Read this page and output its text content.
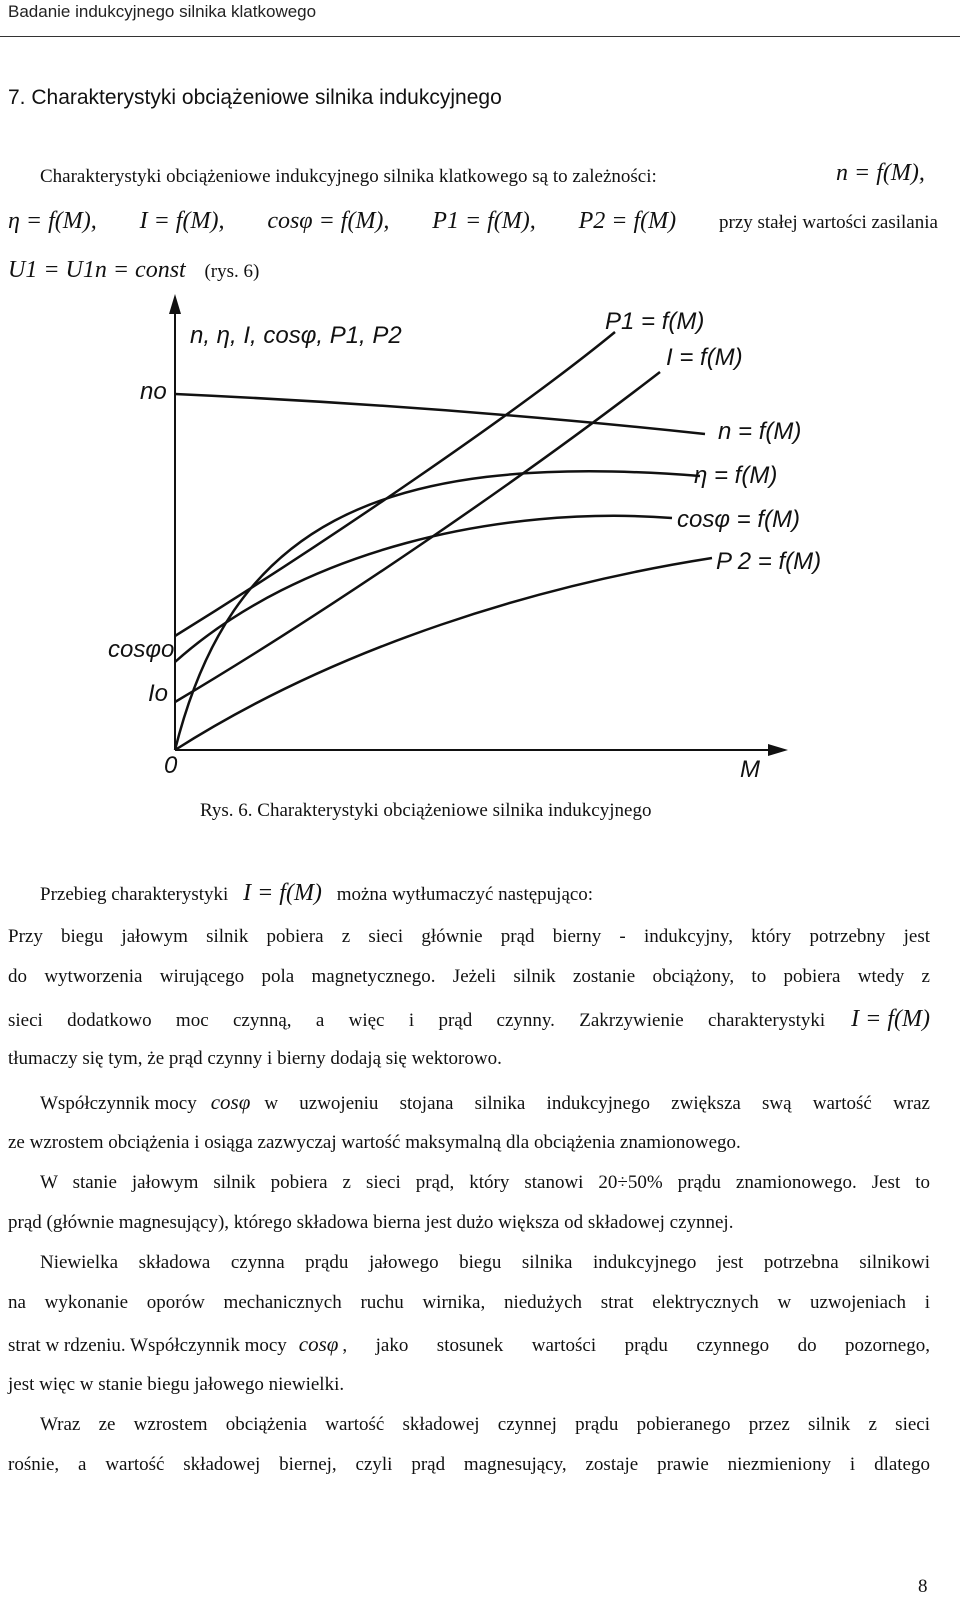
Badanie indukcyjnego silnika klatkowego
7. Charakterystyki obciążeniowe silnika indukcyjnego
Charakterystyki obciążeniowe indukcyjnego silnika klatkowego są to zależności:	n = f(M),
η = f(M), I = f(M), cosφ = f(M), P1 = f(M), P2 = f(M) przy stałej wartości zasilania
U1 = U1n = const (rys. 6)
n, η, I, cosφ, P1, P2
no
cosφo
Io
0	M
P1 = f(M)
I = f(M)
n = f(M)
η = f(M)
cosφ = f(M)
P 2 = f(M)
Rys. 6. Charakterystyki obciążeniowe silnika indukcyjnego
Przebieg charakterystyki I = f(M) można wytłumaczyć następująco:
Przy biegu jałowym silnik pobiera z sieci głównie prąd bierny - indukcyjny, który potrzebny jest
do wytworzenia wirującego pola magnetycznego. Jeżeli silnik zostanie obciążony, to pobiera wtedy z
sieci dodatkowo moc czynną, a więc i prąd czynny. Zakrzywienie charakterystyki I = f(M)
tłumaczy się tym, że prąd czynny i bierny dodają się wektorowo.
Współczynnik mocy cosφ w uzwojeniu stojana silnika indukcyjnego zwiększa swą wartość wraz
ze wzrostem obciążenia i osiąga zazwyczaj wartość maksymalną dla obciążenia znamionowego.
W stanie jałowym silnik pobiera z sieci prąd, który stanowi 20÷50% prądu znamionowego. Jest to
prąd (głównie magnesujący), którego składowa bierna jest dużo większa od składowej czynnej.
Niewielka składowa czynna prądu jałowego biegu silnika indukcyjnego jest potrzebna silnikowi
na wykonanie oporów mechanicznych ruchu wirnika, niedużych strat elektrycznych w uzwojeniach i
strat w rdzeniu. Współczynnik mocy cosφ , jako stosunek wartości prądu czynnego do pozornego,
jest więc w stanie biegu jałowego niewielki.
Wraz ze wzrostem obciążenia wartość składowej czynnej prądu pobieranego przez silnik z sieci
rośnie, a wartość składowej biernej, czyli prąd magnesujący, zostaje prawie niezmieniony i dlatego
8
